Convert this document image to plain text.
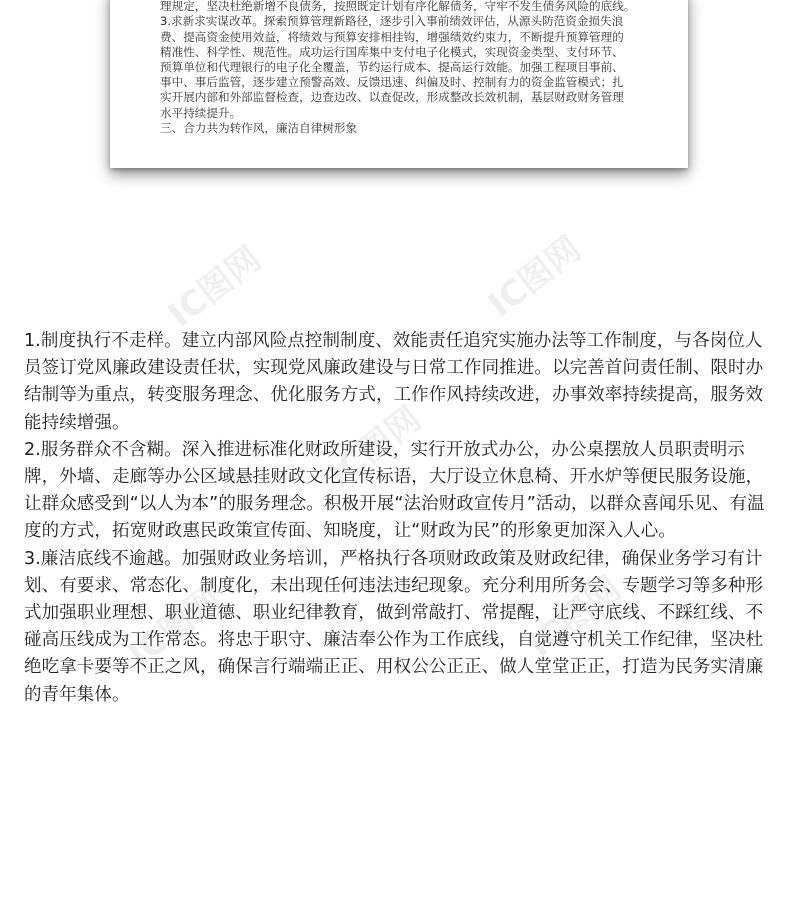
理规定，坚决杜绝新增不良债务，按照既定计划有序化解债务，守牢不发生债务风险的底线。
3.求新求实谋改革。探索预算管理新路径，逐步引入事前绩效评估，从源头防范资金损失浪
费、提高资金使用效益，将绩效与预算安排相挂钩，增强绩效约束力，不断提升预算管理的
精准性、科学性、规范性。成功运行国库集中支付电子化模式，实现资金类型、支付环节、
预算单位和代理银行的电子化全覆盖，节约运行成本、提高运行效能。加强工程项目事前、
事中、事后监管，逐步建立预警高效、反馈迅速、纠偏及时、控制有力的资金监管模式；扎
实开展内部和外部监督检查，边查边改、以查促改，形成整改长效机制，基层财政财务管理
水平持续提升。
三、合力共为转作风，廉洁自律树形象
IC图网	IC图网
IC图网
IC图网	IC图网

1.制度执行不走样。建立内部风险点控制制度、效能责任追究实施办法等工作制度，与各岗位人员签订党风廉政建设责任状，实现党风廉政建设与日常工作同推进。以完善首问责任制、限时办结制等为重点，转变服务理念、优化服务方式，工作作风持续改进，办事效率持续提高，服务效能持续增强。

2.服务群众不含糊。深入推进标准化财政所建设，实行开放式办公，办公桌摆放人员职责明示牌，外墙、走廊等办公区域悬挂财政文化宣传标语，大厅设立休息椅、开水炉等便民服务设施，让群众感受到“以人为本”的服务理念。积极开展“法治财政宣传月”活动，以群众喜闻乐见、有温度的方式，拓宽财政惠民政策宣传面、知晓度，让“财政为民”的形象更加深入人心。

3.廉洁底线不逾越。加强财政业务培训，严格执行各项财政政策及财政纪律，确保业务学习有计划、有要求、常态化、制度化，未出现任何违法违纪现象。充分利用所务会、专题学习等多种形式加强职业理想、职业道德、职业纪律教育，做到常敲打、常提醒，让严守底线、不踩红线、不碰高压线成为工作常态。将忠于职守、廉洁奉公作为工作底线，自觉遵守机关工作纪律，坚决杜绝吃拿卡要等不正之风，确保言行端端正正、用权公公正正、做人堂堂正正，打造为民务实清廉的青年集体。
